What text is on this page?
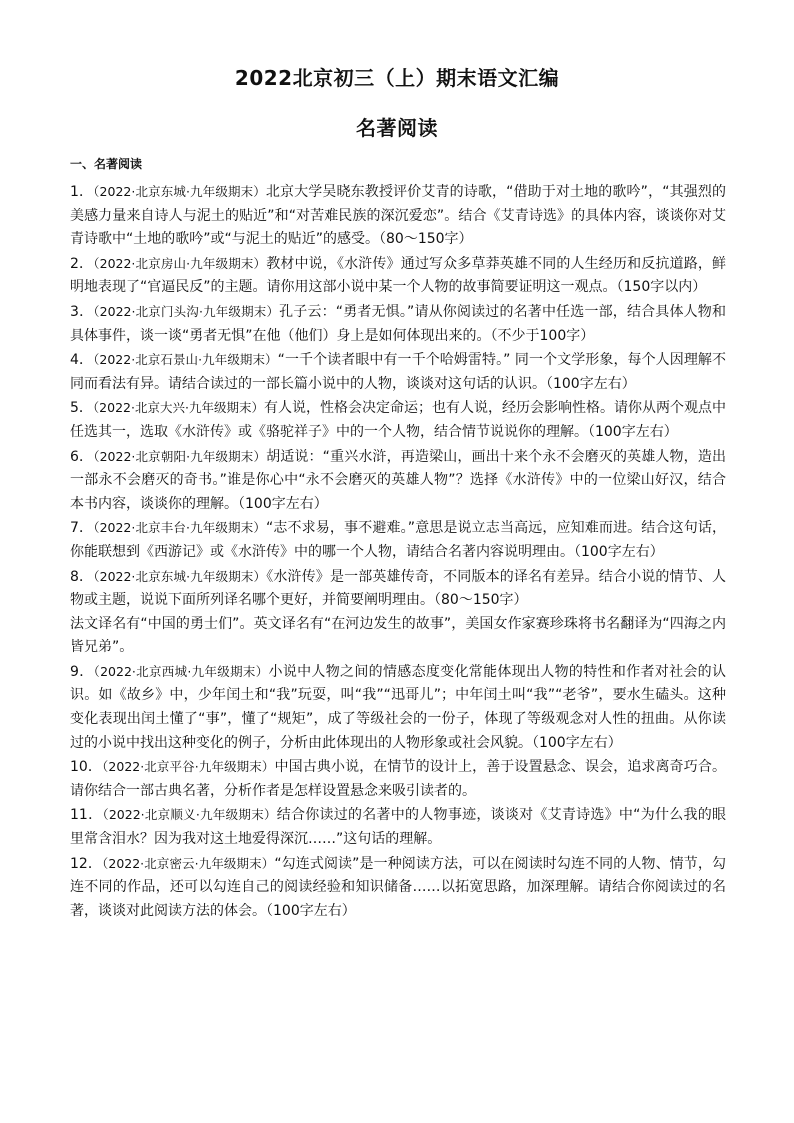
2022北京初三（上）期末语文汇编
名著阅读
一、名著阅读

1．（2022·北京东城·九年级期末）北京大学吴晓东教授评价艾青的诗歌，“借助于对土地的歌吟”，“其强烈的美感力量来自诗人与泥土的贴近”和“对苦难民族的深沉爱恋”。结合《艾青诗选》的具体内容，谈谈你对艾青诗歌中“土地的歌吟”或“与泥土的贴近”的感受。（80～150字）

2．（2022·北京房山·九年级期末）教材中说，《水浒传》通过写众多草莽英雄不同的人生经历和反抗道路，鲜明地表现了“官逼民反”的主题。请你用这部小说中某一个人物的故事简要证明这一观点。（150字以内）

3．（2022·北京门头沟·九年级期末）孔子云：“勇者无惧。”请从你阅读过的名著中任选一部，结合具体人物和具体事件，谈一谈“勇者无惧”在他（他们）身上是如何体现出来的。（不少于100字）

4．（2022·北京石景山·九年级期末）“一千个读者眼中有一千个哈姆雷特。” 同一个文学形象，每个人因理解不同而看法有异。请结合读过的一部长篇小说中的人物，谈谈对这句话的认识。（100字左右）

5．（2022·北京大兴·九年级期末）有人说，性格会决定命运；也有人说，经历会影响性格。请你从两个观点中任选其一，选取《水浒传》或《骆驼祥子》中的一个人物，结合情节说说你的理解。（100字左右）

6．（2022·北京朝阳·九年级期末）胡适说：“重兴水浒，再造梁山，画出十来个永不会磨灭的英雄人物，造出一部永不会磨灭的奇书。”谁是你心中“永不会磨灭的英雄人物”？选择《水浒传》中的一位梁山好汉，结合本书内容，谈谈你的理解。（100字左右）

7．（2022·北京丰台·九年级期末）“志不求易，事不避难。”意思是说立志当高远，应知难而进。结合这句话，你能联想到《西游记》或《水浒传》中的哪一个人物，请结合名著内容说明理由。（100字左右）

8．（2022·北京东城·九年级期末）《水浒传》是一部英雄传奇，不同版本的译名有差异。结合小说的情节、人物或主题，说说下面所列译名哪个更好，并简要阐明理由。（80～150字）

法文译名有“中国的勇士们”。英文译名有“在河边发生的故事”，美国女作家赛珍珠将书名翻译为“四海之内皆兄弟”。

9．（2022·北京西城·九年级期末）小说中人物之间的情感态度变化常能体现出人物的特性和作者对社会的认识。如《故乡》中，少年闰土和“我”玩耍，叫“我”“迅哥儿”；中年闰土叫“我”“老爷”，要水生磕头。这种变化表现出闰土懂了“事”，懂了“规矩”，成了等级社会的一份子，体现了等级观念对人性的扭曲。从你读过的小说中找出这种变化的例子，分析由此体现出的人物形象或社会风貌。（100字左右）

10．（2022·北京平谷·九年级期末）中国古典小说，在情节的设计上，善于设置悬念、误会，追求离奇巧合。请你结合一部古典名著，分析作者是怎样设置悬念来吸引读者的。

11．（2022·北京顺义·九年级期末）结合你读过的名著中的人物事迹，谈谈对《艾青诗选》中“为什么我的眼里常含泪水？因为我对这土地爱得深沉……”这句话的理解。

12．（2022·北京密云·九年级期末）“勾连式阅读”是一种阅读方法，可以在阅读时勾连不同的人物、情节，勾连不同的作品，还可以勾连自己的阅读经验和知识储备……以拓宽思路，加深理解。请结合你阅读过的名著，谈谈对此阅读方法的体会。（100字左右）
